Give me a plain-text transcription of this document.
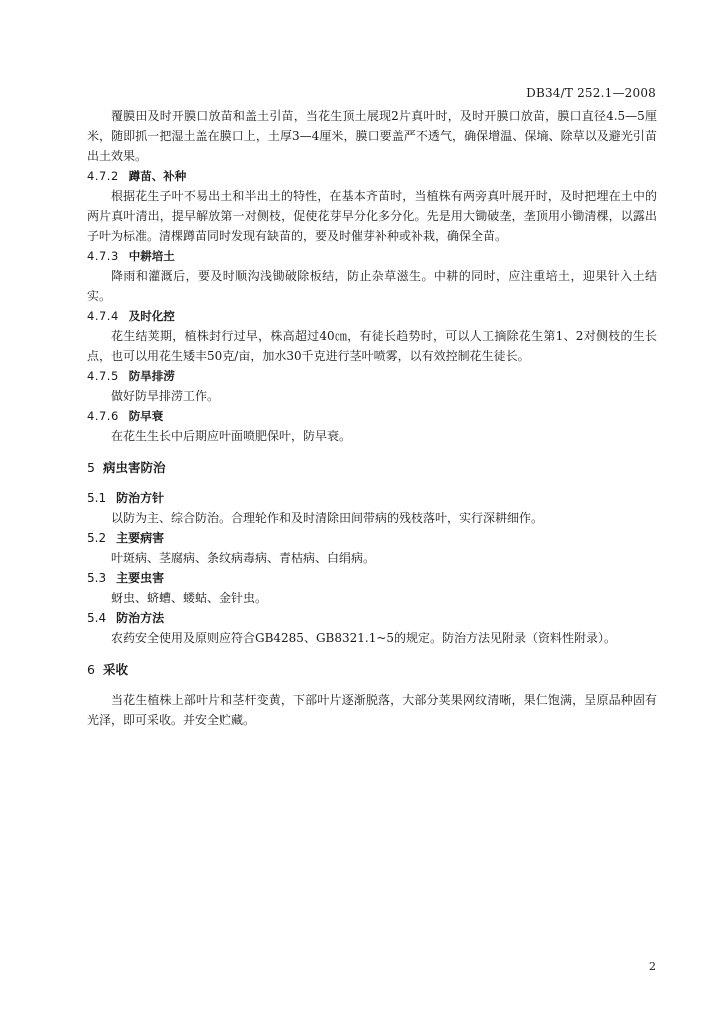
DB34/T 252.1—2008

覆膜田及时开膜口放苗和盖土引苗，当花生顶土展现2片真叶时，及时开膜口放苗，膜口直径4.5—5厘米，随即抓一把湿土盖在膜口上，土厚3—4厘米，膜口要盖严不透气，确保增温、保墒、除草以及避光引苗出土效果。

4.7.2 蹲苗、补种

根据花生子叶不易出土和半出土的特性，在基本齐苗时，当植株有两旁真叶展开时，及时把埋在土中的两片真叶清出，提早解放第一对侧枝，促使花芽早分化多分化。先是用大锄破垄，垄顶用小锄清棵，以露出子叶为标准。清棵蹲苗同时发现有缺苗的，要及时催芽补种或补栽，确保全苗。

4.7.3 中耕培土

降雨和灌溉后，要及时顺沟浅锄破除板结，防止杂草滋生。中耕的同时，应注重培土，迎果针入土结实。

4.7.4 及时化控

花生结荚期，植株封行过早，株高超过40㎝，有徒长趋势时，可以人工摘除花生第1、2对侧枝的生长点，也可以用花生矮丰50克/亩，加水30千克进行茎叶喷雾，以有效控制花生徒长。

4.7.5 防旱排涝

做好防旱排涝工作。

4.7.6 防早衰

在花生生长中后期应叶面喷肥保叶，防早衰。

5 病虫害防治
5.1 防治方针

以防为主、综合防治。合理轮作和及时清除田间带病的残枝落叶，实行深耕细作。

5.2 主要病害

叶斑病、茎腐病、条纹病毒病、青枯病、白绢病。

5.3 主要虫害

蚜虫、蛴螬、蝼蛄、金针虫。

5.4 防治方法

农药安全使用及原则应符合GB4285、GB8321.1~5的规定。防治方法见附录（资料性附录）。

6 采收

当花生植株上部叶片和茎杆变黄，下部叶片逐渐脱落，大部分荚果网纹清晰，果仁饱满，呈原品种固有光泽，即可采收。并安全贮藏。

2
